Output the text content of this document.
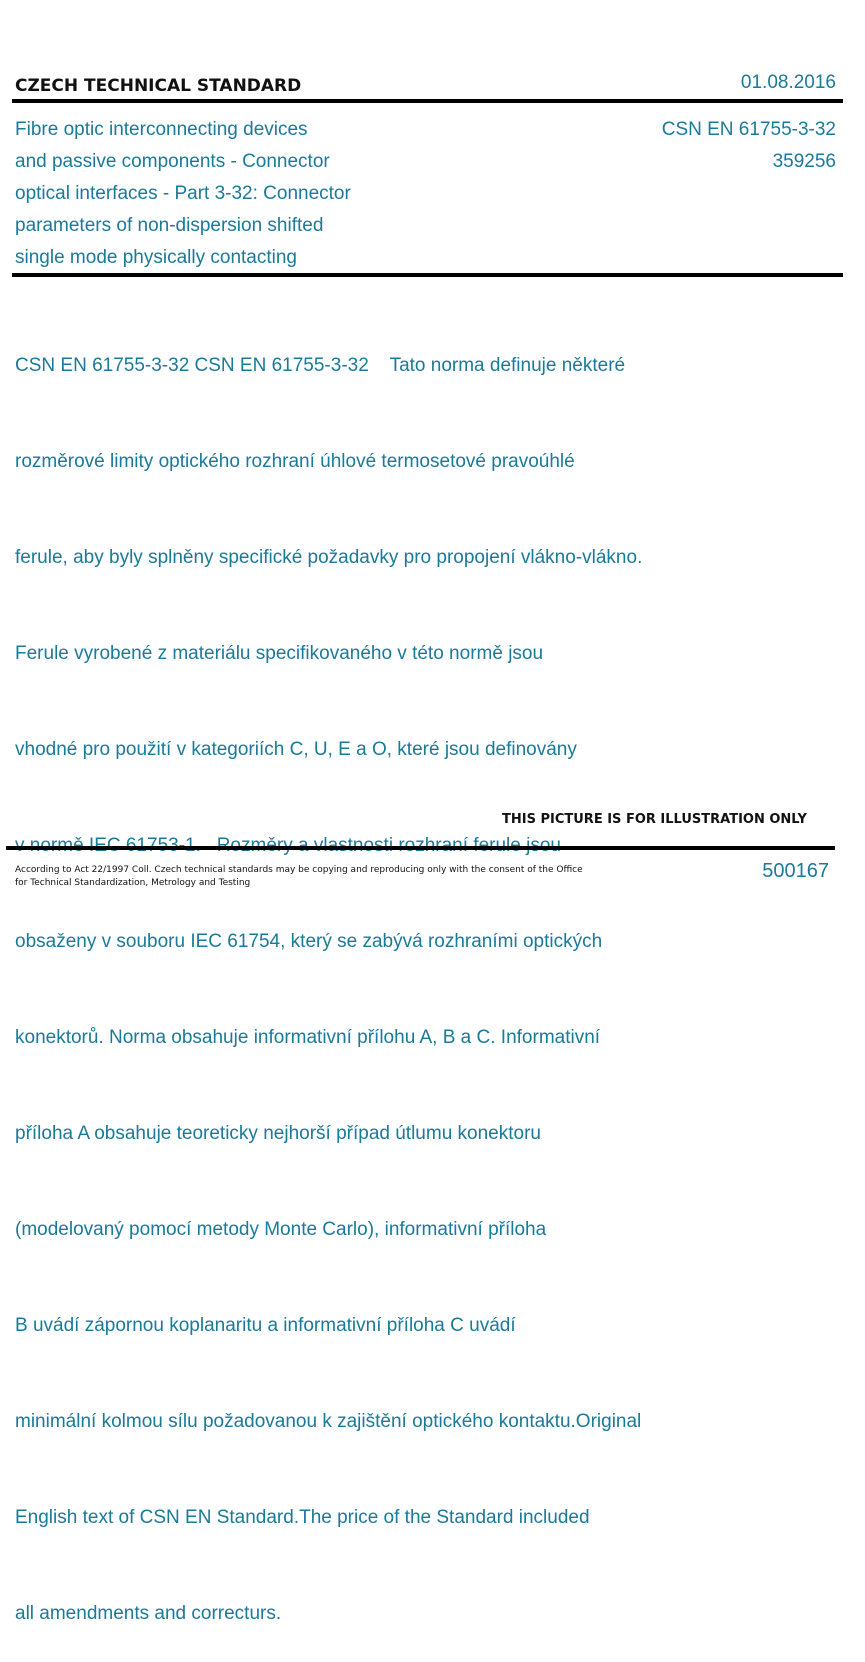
CZECH TECHNICAL STANDARD	01.08.2016
Fibre optic interconnecting devices
and passive components - Connector
optical interfaces - Part 3-32: Connector
parameters of non-dispersion shifted
single mode physically contacting
CSN EN 61755-3-32
359256

CSN EN 61755-3-32 CSN EN 61755-3-32    Tato norma definuje některé

rozměrové limity optického rozhraní úhlové termosetové pravoúhlé

ferule, aby byly splněny specifické požadavky pro propojení vlákno-vlákno.

Ferule vyrobené z materiálu specifikovaného v této normě jsou

vhodné pro použití v kategoriích C, U, E a O, které jsou definovány

obsaženy v souboru IEC 61754, který se zabývá rozhraními optických

konektorů. Norma obsahuje informativní přílohu A, B a C. Informativní

příloha A obsahuje teoreticky nejhorší případ útlumu konektoru

(modelovaný pomocí metody Monte Carlo), informativní příloha

B uvádí zápornou koplanaritu a informativní příloha C uvádí

minimální kolmou sílu požadovanou k zajištění optického kontaktu.Original

English text of CSN EN Standard.The price of the Standard included

all amendments and correcturs.

THIS PICTURE IS FOR ILLUSTRATION ONLY
According to Act 22/1997 Coll. Czech technical standards may be copying and reproducing only with the consent of the Office
for Technical Standardization, Metrology and Testing
500167
